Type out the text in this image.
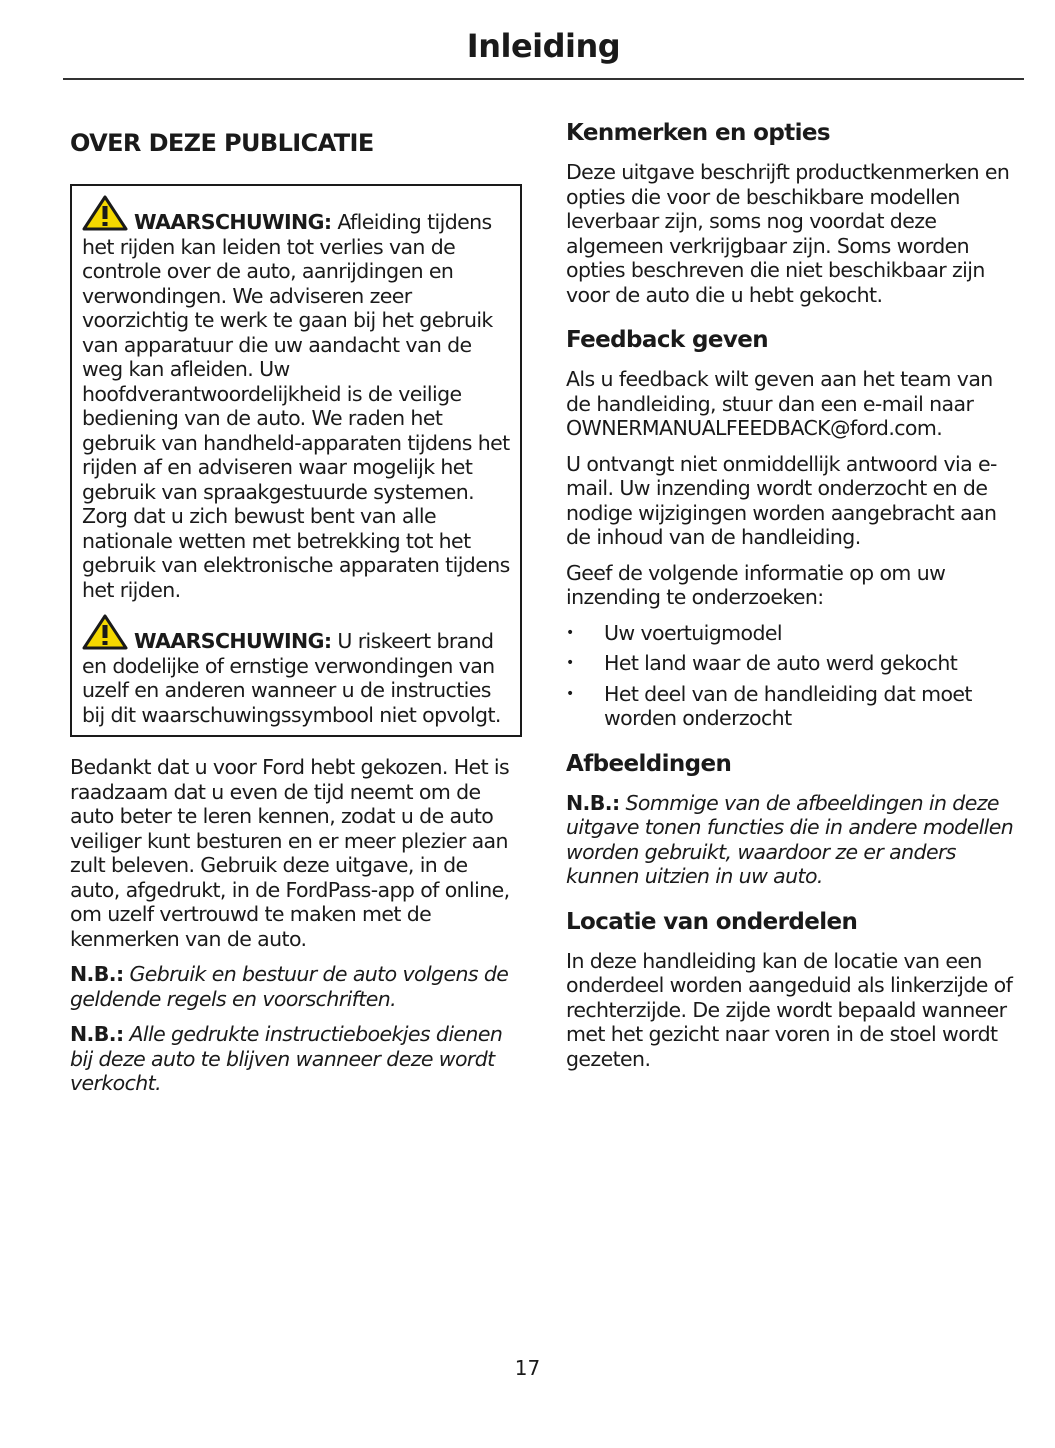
Inleiding
OVER DEZE PUBLICATIE

WAARSCHUWING: Afleiding tijdens het rijden kan leiden tot verlies van de controle over de auto, aanrijdingen en verwondingen. We adviseren zeer voorzichtig te werk te gaan bij het gebruik van apparatuur die uw aandacht van de weg kan afleiden. Uw hoofdverantwoordelijkheid is de veilige bediening van de auto. We raden het gebruik van handheld-apparaten tijdens het rijden af en adviseren waar mogelijk het gebruik van spraakgestuurde systemen. Zorg dat u zich bewust bent van alle nationale wetten met betrekking tot het gebruik van elektronische apparaten tijdens het rijden.

WAARSCHUWING: U riskeert brand en dodelijke of ernstige verwondingen van uzelf en anderen wanneer u de instructies bij dit waarschuwingssymbool niet opvolgt.

Bedankt dat u voor Ford hebt gekozen. Het is raadzaam dat u even de tijd neemt om de auto beter te leren kennen, zodat u de auto veiliger kunt besturen en er meer plezier aan zult beleven. Gebruik deze uitgave, in de auto, afgedrukt, in de FordPass-app of online, om uzelf vertrouwd te maken met de kenmerken van de auto.

N.B.: Gebruik en bestuur de auto volgens de geldende regels en voorschriften.

N.B.: Alle gedrukte instructieboekjes dienen bij deze auto te blijven wanneer deze wordt verkocht.

Kenmerken en opties

Deze uitgave beschrijft productkenmerken en opties die voor de beschikbare modellen leverbaar zijn, soms nog voordat deze algemeen verkrijgbaar zijn. Soms worden opties beschreven die niet beschikbaar zijn voor de auto die u hebt gekocht.

Feedback geven

Als u feedback wilt geven aan het team van de handleiding, stuur dan een e-mail naar
OWNERMANUALFEEDBACK@ford.com.

U ontvangt niet onmiddellijk antwoord via e-mail. Uw inzending wordt onderzocht en de nodige wijzigingen worden aangebracht aan de inhoud van de handleiding.

Geef de volgende informatie op om uw inzending te onderzoeken:

• Uw voertuigmodel
• Het land waar de auto werd gekocht
• Het deel van de handleiding dat moet worden onderzocht
Afbeeldingen

N.B.: Sommige van de afbeeldingen in deze uitgave tonen functies die in andere modellen worden gebruikt, waardoor ze er anders kunnen uitzien in uw auto.

Locatie van onderdelen

In deze handleiding kan de locatie van een onderdeel worden aangeduid als linkerzijde of rechterzijde. De zijde wordt bepaald wanneer met het gezicht naar voren in de stoel wordt gezeten.

17
